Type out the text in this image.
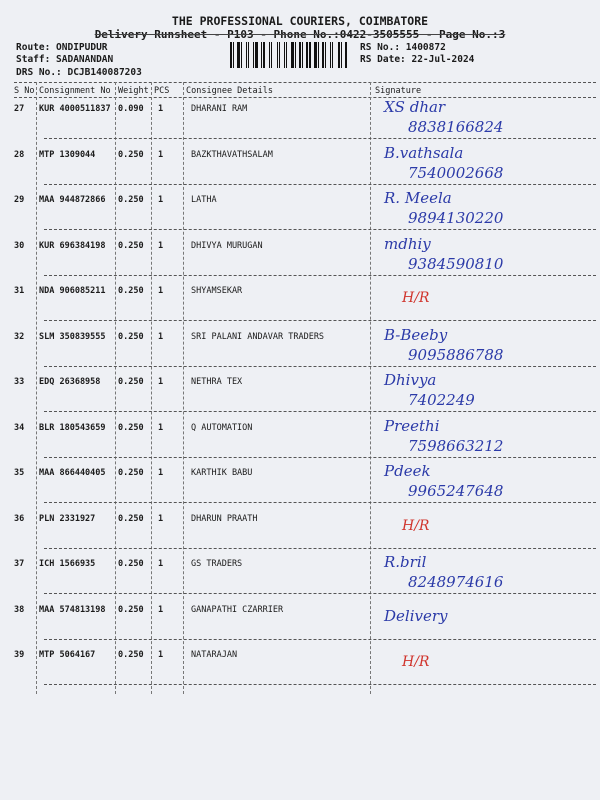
THE PROFESSIONAL COURIERS, COIMBATORE
Delivery Runsheet - P103 - Phone No.:0422-3505555 - Page No.:3
Route: ONDIPUDUR
Staff: SADANANDAN
DRS No.: DCJB140087203
RS No.: 1400872
RS Date: 22-Jul-2024
S No Consignment No Weight PCS Consignee Details	Signature
27 KUR 4000511837 0.090 1	DHARANI RAM	XS dhar
8838166824
28 MTP 1309044	0.250 1	BAZKTHAVATHSALAM	B.vathsala
7540002668
29 MAA 944872866 0.250 1	LATHA	R. Meela
9894130220
30 KUR 696384198 0.250 1	DHIVYA MURUGAN	mdhiy
9384590810
31 NDA 906085211 0.250 1	SHYAMSEKAR	H/R
32 SLM 350839555 0.250 1	SRI PALANI ANDAVAR TRADERS	B-Beeby
9095886788
33 EDQ 26368958 0.250 1	NETHRA TEX	Dhivya
7402249
34 BLR 180543659 0.250 1	Q AUTOMATION	Preethi
7598663212
35 MAA 866440405 0.250 1	KARTHIK BABU	Pdeek
9965247648
36 PLN 2331927	0.250 1	DHARUN PRAATH	H/R
37 ICH 1566935	0.250 1	GS TRADERS	R.bril
8248974616
38 MAA 574813198 0.250 1	GANAPATHI CZARRIER	Delivery
39 MTP 5064167	0.250 1	NATARAJAN	H/R
